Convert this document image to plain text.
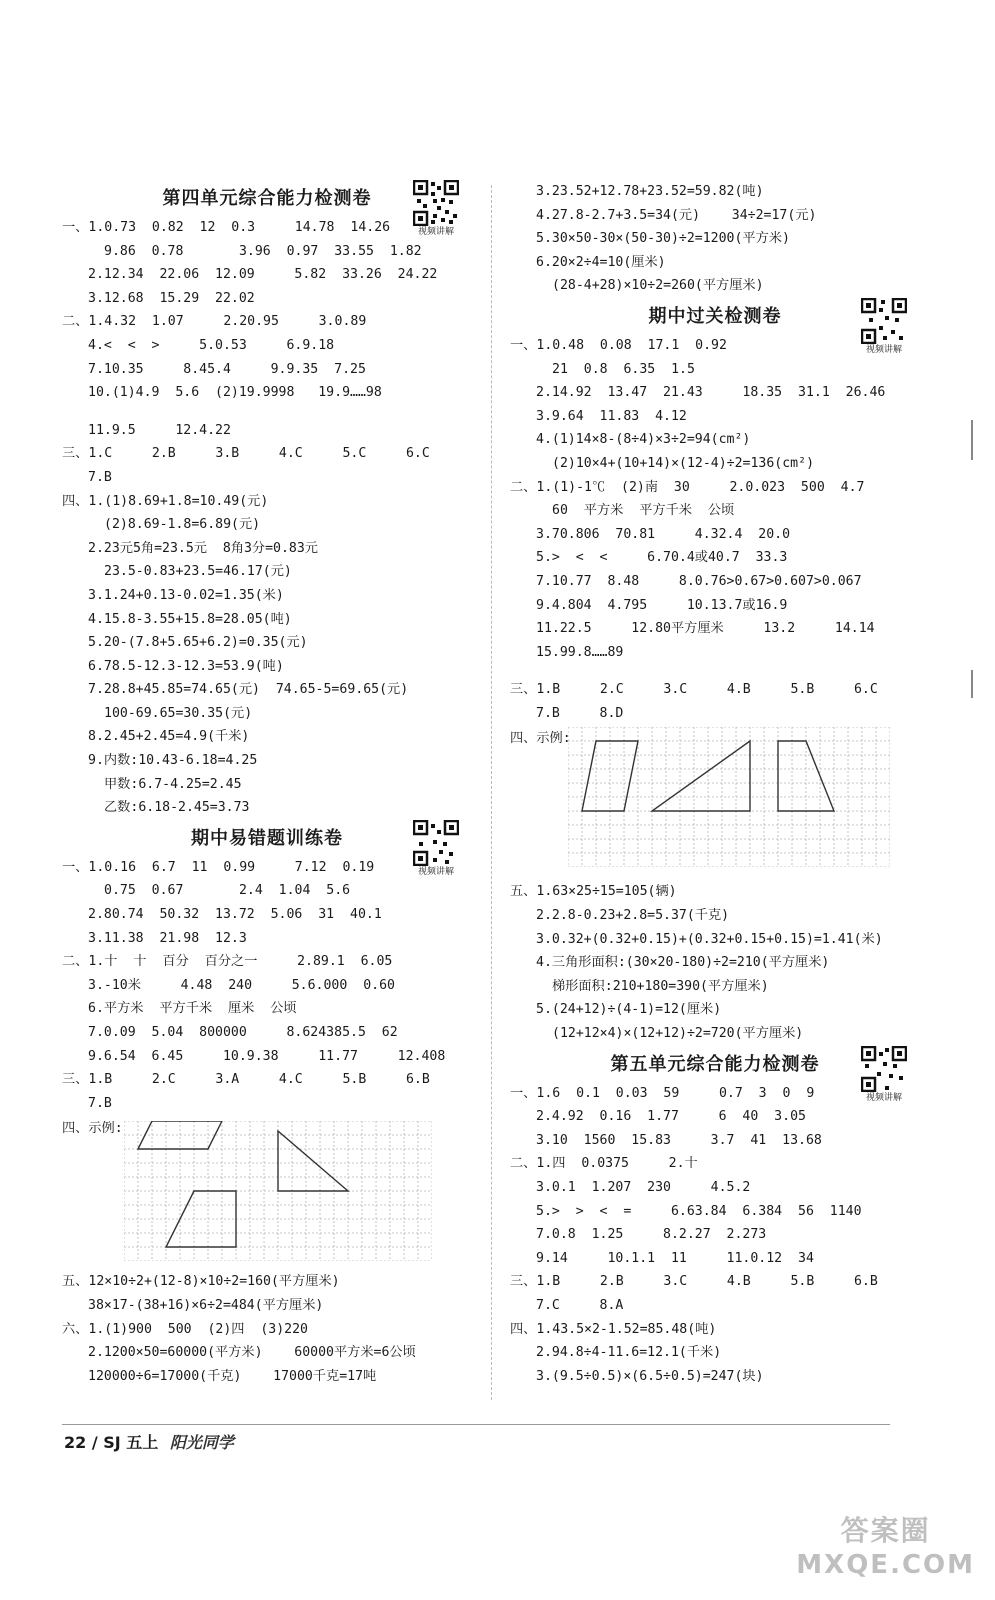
第四单元综合能力检测卷
视频讲解
一、1.0.73  0.82  12  0.3     14.78  14.26
9.86  0.78       3.96  0.97  33.55  1.82
2.12.34  22.06  12.09     5.82  33.26  24.22
3.12.68  15.29  22.02
二、1.4.32  1.07     2.20.95     3.0.89
4.<  <  >     5.0.53     6.9.18
7.10.35     8.45.4     9.9.35  7.25
10.(1)4.9  5.6  (2)19.9998   19.9……98
11.9.5     12.4.22
三、1.C     2.B     3.B     4.C     5.C     6.C
7.B
四、1.(1)8.69+1.8=10.49(元)
(2)8.69-1.8=6.89(元)
2.23元5角=23.5元  8角3分=0.83元
23.5-0.83+23.5=46.17(元)
3.1.24+0.13-0.02=1.35(米)
4.15.8-3.55+15.8=28.05(吨)
5.20-(7.8+5.65+6.2)=0.35(元)
6.78.5-12.3-12.3=53.9(吨)
7.28.8+45.85=74.65(元)  74.65-5=69.65(元)
100-69.65=30.35(元)
8.2.45+2.45=4.9(千米)
9.内数:10.43-6.18=4.25
甲数:6.7-4.25=2.45
乙数:6.18-2.45=3.73
期中易错题训练卷
视频讲解
一、1.0.16  6.7  11  0.99     7.12  0.19
0.75  0.67       2.4  1.04  5.6
2.80.74  50.32  13.72  5.06  31  40.1
3.11.38  21.98  12.3
二、1.十  十  百分  百分之一     2.89.1  6.05
3.-10米     4.48  240     5.6.000  0.60
6.平方米  平方千米  厘米  公顷
7.0.09  5.04  800000     8.624385.5  62
9.6.54  6.45     10.9.38     11.77     12.408
三、1.B     2.C     3.A     4.C     5.B     6.B
7.B
四、示例:
五、12×10÷2+(12-8)×10÷2=160(平方厘米)
38×17-(38+16)×6÷2=484(平方厘米)
六、1.(1)900  500  (2)四  (3)220
2.1200×50=60000(平方米)    60000平方米=6公顷
120000÷6=17000(千克)    17000千克=17吨
3.23.52+12.78+23.52=59.82(吨)
4.27.8-2.7+3.5=34(元)    34÷2=17(元)
5.30×50-30×(50-30)÷2=1200(平方米)
6.20×2÷4=10(厘米)
(28-4+28)×10÷2=260(平方厘米)
期中过关检测卷
视频讲解
一、1.0.48  0.08  17.1  0.92
21  0.8  6.35  1.5
2.14.92  13.47  21.43     18.35  31.1  26.46
3.9.64  11.83  4.12
4.(1)14×8-(8÷4)×3÷2=94(cm²)
(2)10×4+(10+14)×(12-4)÷2=136(cm²)
二、1.(1)-1℃  (2)南  30     2.0.023  500  4.7
60  平方米  平方千米  公顷
3.70.806  70.81     4.32.4  20.0
5.>  <  <     6.70.4或40.7  33.3
7.10.77  8.48     8.0.76>0.67>0.607>0.067
9.4.804  4.795     10.13.7或16.9
11.22.5     12.80平方厘米     13.2     14.14
15.99.8……89
三、1.B     2.C     3.C     4.B     5.B     6.C
7.B     8.D
四、示例:
五、1.63×25÷15=105(辆)
2.2.8-0.23+2.8=5.37(千克)
3.0.32+(0.32+0.15)+(0.32+0.15+0.15)=1.41(米)
4.三角形面积:(30×20-180)÷2=210(平方厘米)
梯形面积:210+180=390(平方厘米)
5.(24+12)÷(4-1)=12(厘米)
(12+12×4)×(12+12)÷2=720(平方厘米)
第五单元综合能力检测卷
视频讲解
一、1.6  0.1  0.03  59     0.7  3  0  9
2.4.92  0.16  1.77     6  40  3.05
3.10  1560  15.83     3.7  41  13.68
二、1.四  0.0375     2.十
3.0.1  1.207  230     4.5.2
5.>  >  <  =     6.63.84  6.384  56  1140
7.0.8  1.25     8.2.27  2.273
9.14     10.1.1  11     11.0.12  34
三、1.B     2.B     3.C     4.B     5.B     6.B
7.C     8.A
四、1.43.5×2-1.52=85.48(吨)
2.94.8÷4-11.6=12.1(千米)
3.(9.5÷0.5)×(6.5÷0.5)=247(块)
22 / SJ 五上 阳光同学
答案圈
MXQE.COM
